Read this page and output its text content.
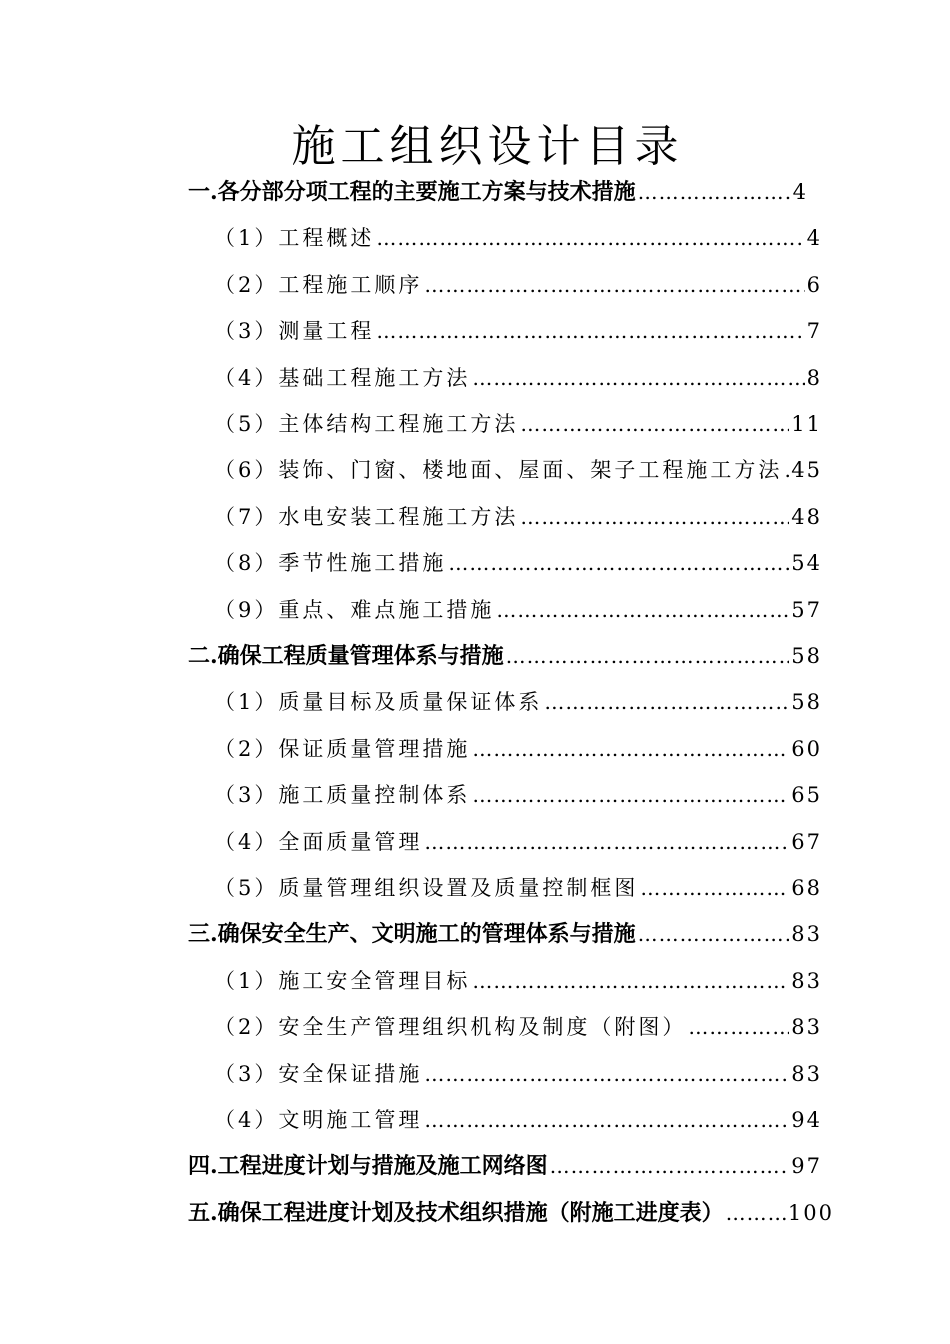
施工组织设计目录
一.各分部分项工程的主要施工方案与技术措施 …………………………………………………………………………………………………………………………………………	4
（1）工程概述 …………………………………………………………………………………………………………………………………………	4
（2）工程施工顺序 …………………………………………………………………………………………………………………………………………	6
（3）测量工程 …………………………………………………………………………………………………………………………………………	7
（4）基础工程施工方法 …………………………………………………………………………………………………………………………………………	8
（5）主体结构工程施工方法 …………………………………………………………………………………………………………………………………………	11
（6）装饰、门窗、楼地面、屋面、架子工程施工方法 ………………………………………………………………………………………………………………………………………… 45
（7）水电安装工程施工方法 …………………………………………………………………………………………………………………………………………	48
（8）季节性施工措施 …………………………………………………………………………………………………………………………………………	54
（9）重点、难点施工措施 …………………………………………………………………………………………………………………………………………	57
二.确保工程质量管理体系与措施 …………………………………………………………………………………………………………………………………………	58
（1）质量目标及质量保证体系 …………………………………………………………………………………………………………………………………………	58
（2）保证质量管理措施 …………………………………………………………………………………………………………………………………………	60
（3）施工质量控制体系 …………………………………………………………………………………………………………………………………………	65
（4）全面质量管理 …………………………………………………………………………………………………………………………………………	67
（5）质量管理组织设置及质量控制框图 …………………………………………………………………………………………………………………………………………	68
三.确保安全生产、文明施工的管理体系与措施 …………………………………………………………………………………………………………………………………………	83
（1）施工安全管理目标 …………………………………………………………………………………………………………………………………………	83
（2）安全生产管理组织机构及制度（附图） …………………………………………………………………………………………………………………………………………	83
（3）安全保证措施 …………………………………………………………………………………………………………………………………………	83
（4）文明施工管理 …………………………………………………………………………………………………………………………………………	94
四.工程进度计划与措施及施工网络图 …………………………………………………………………………………………………………………………………………	97
五.确保工程进度计划及技术组织措施（附施工进度表） …………………………………………………………………………………………………………………………………………	100
